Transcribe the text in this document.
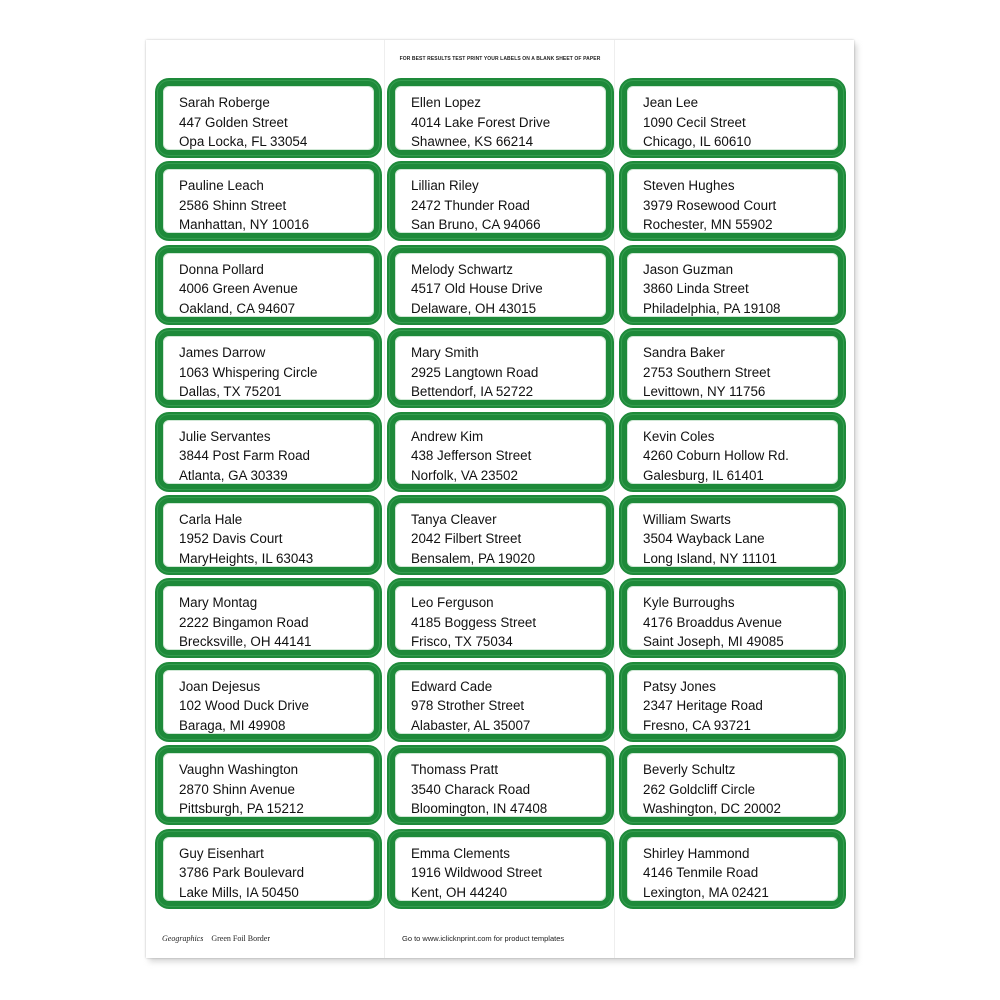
FOR BEST RESULTS TEST PRINT YOUR LABELS ON A BLANK SHEET OF PAPER
Sarah Roberge
447 Golden Street
Opa Locka, FL 33054
Ellen Lopez
4014 Lake Forest Drive
Shawnee, KS 66214
Jean Lee
1090 Cecil Street
Chicago, IL 60610
Pauline Leach
2586 Shinn Street
Manhattan, NY 10016
Lillian Riley
2472 Thunder Road
San Bruno, CA 94066
Steven Hughes
3979 Rosewood Court
Rochester, MN 55902
Donna Pollard
4006 Green Avenue
Oakland, CA 94607
Melody Schwartz
4517 Old House Drive
Delaware, OH 43015
Jason Guzman
3860 Linda Street
Philadelphia, PA 19108
James Darrow
1063 Whispering Circle
Dallas, TX 75201
Mary Smith
2925 Langtown Road
Bettendorf, IA 52722
Sandra Baker
2753 Southern Street
Levittown, NY 11756
Julie Servantes
3844 Post Farm Road
Atlanta, GA 30339
Andrew Kim
438 Jefferson Street
Norfolk, VA 23502
Kevin Coles
4260 Coburn Hollow Rd.
Galesburg, IL 61401
Carla Hale
1952 Davis Court
MaryHeights, IL 63043
Tanya Cleaver
2042 Filbert Street
Bensalem, PA 19020
William Swarts
3504 Wayback Lane
Long Island, NY 11101
Mary Montag
2222 Bingamon Road
Brecksville, OH 44141
Leo Ferguson
4185 Boggess Street
Frisco, TX 75034
Kyle Burroughs
4176 Broaddus Avenue
Saint Joseph, MI 49085
Joan Dejesus
102 Wood Duck Drive
Baraga, MI 49908
Edward Cade
978 Strother Street
Alabaster, AL 35007
Patsy Jones
2347 Heritage Road
Fresno, CA 93721
Vaughn Washington
2870 Shinn Avenue
Pittsburgh, PA 15212
Thomass Pratt
3540 Charack Road
Bloomington, IN 47408
Beverly Schultz
262 Goldcliff Circle
Washington, DC 20002
Guy Eisenhart
3786 Park Boulevard
Lake Mills, IA 50450
Emma Clements
1916 Wildwood Street
Kent, OH 44240
Shirley Hammond
4146 Tenmile Road
Lexington, MA 02421
Geographics Green Foil Border	Go to www.iclicknprint.com for product templates
